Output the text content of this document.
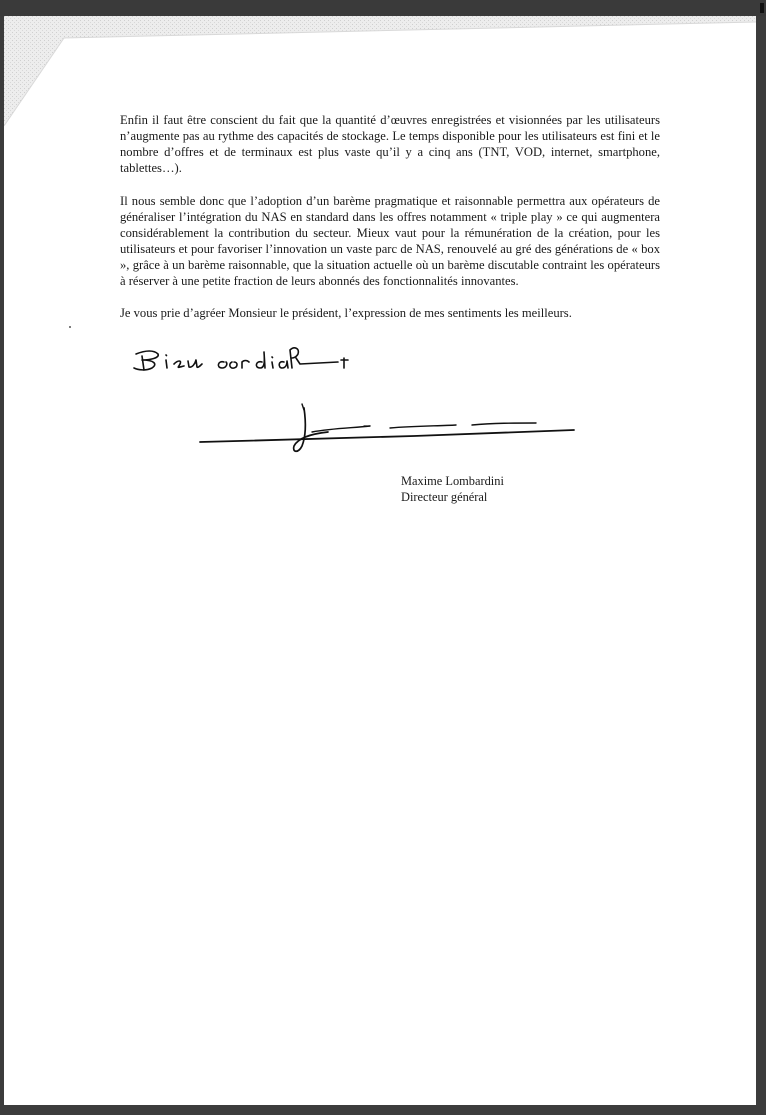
Enfin il faut être conscient du fait que la quantité d’œuvres enregistrées et visionnées par les utilisateurs n’augmente pas au rythme des capacités de stockage. Le temps disponible pour les utilisateurs est fini et le nombre d’offres et de terminaux est plus vaste qu’il y a cinq ans (TNT, VOD, internet, smartphone, tablettes…).

Il nous semble donc que l’adoption d’un barème pragmatique et raisonnable permettra aux opérateurs de généraliser l’intégration du NAS en standard dans les offres notamment « triple play » ce qui augmentera considérablement la contribution du secteur. Mieux vaut pour la rémunération de la création, pour les utilisateurs et pour favoriser l’innovation un vaste parc de NAS, renouvelé au gré des générations de « box », grâce à un barème raisonnable, que la situation actuelle où un barème discutable contraint les opérateurs à réserver à une petite fraction de leurs abonnés des fonctionnalités innovantes.

Je vous prie d’agréer Monsieur le président, l’expression de mes sentiments les meilleurs.

Maxime Lombardini
Directeur général
